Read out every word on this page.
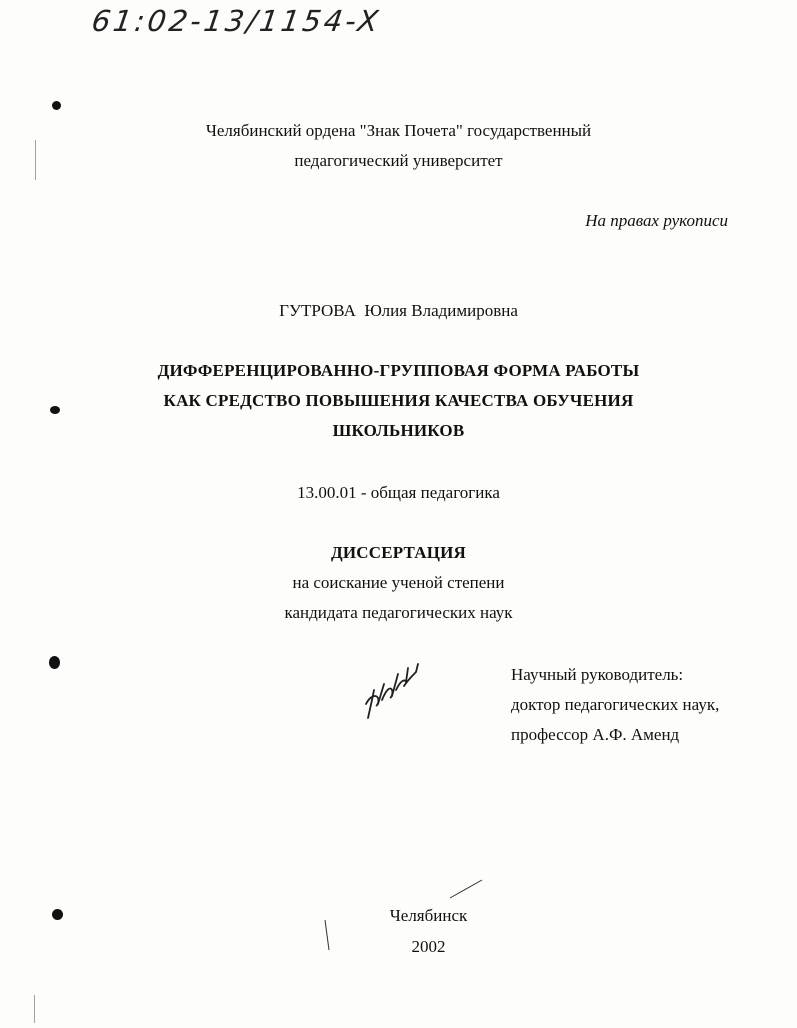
61:02-13/1154-X
Челябинский ордена "Знак Почета" государственный
педагогический университет
На правах рукописи
ГУТРОВА Юлия Владимировна
ДИФФЕРЕНЦИРОВАННО-ГРУППОВАЯ ФОРМА РАБОТЫ
КАК СРЕДСТВО ПОВЫШЕНИЯ КАЧЕСТВА ОБУЧЕНИЯ
ШКОЛЬНИКОВ
13.00.01 - общая педагогика
ДИССЕРТАЦИЯ
на соискание ученой степени
кандидата педагогических наук
Научный руководитель:
доктор педагогических наук,
профессор А.Ф. Аменд
Челябинск
2002
